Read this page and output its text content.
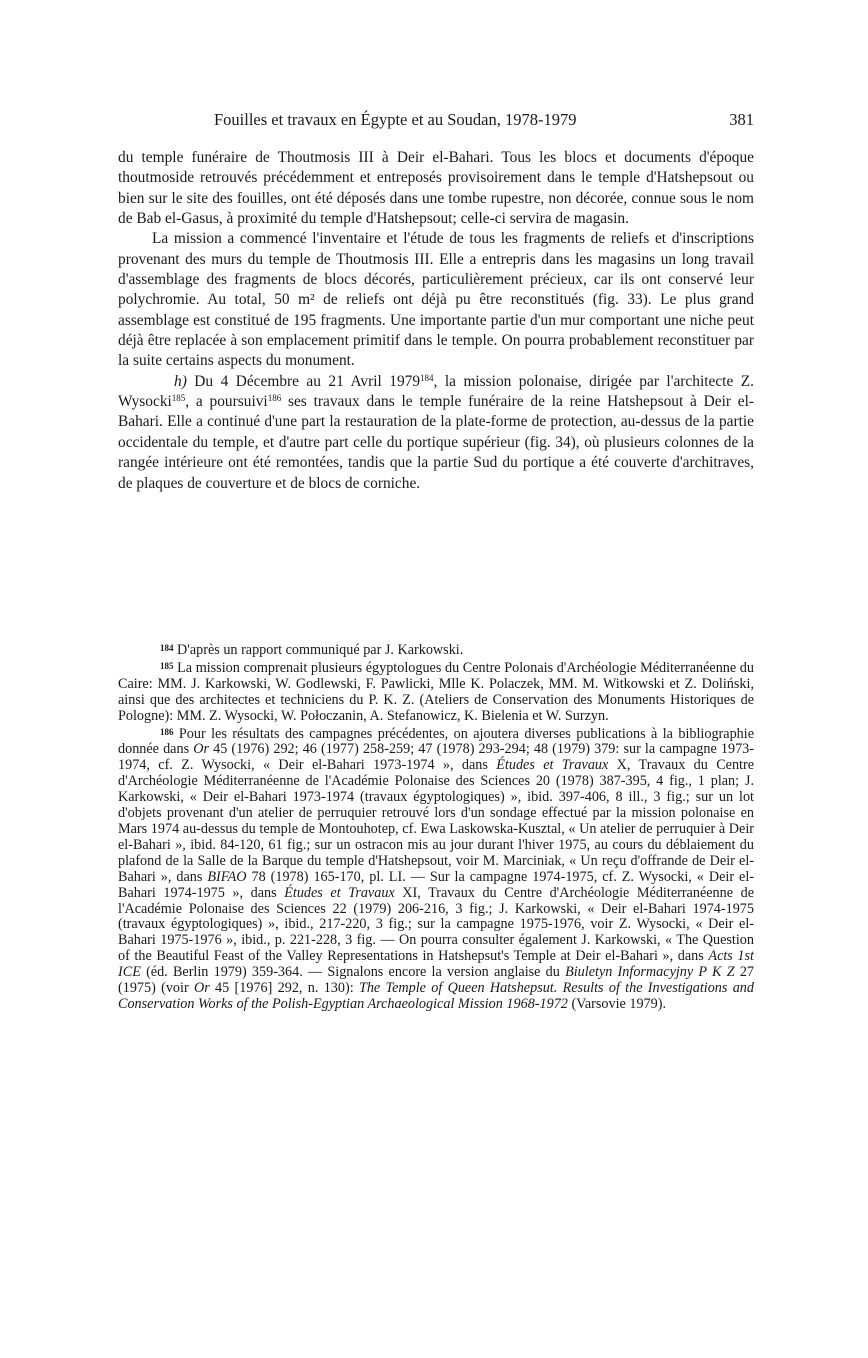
Fouilles et travaux en Égypte et au Soudan, 1978-1979	381

du temple funéraire de Thoutmosis III à Deir el-Bahari. Tous les blocs et documents d'époque thoutmoside retrouvés précédemment et entreposés provisoirement dans le temple d'Hatshepsout ou bien sur le site des fouilles, ont été déposés dans une tombe rupestre, non décorée, connue sous le nom de Bab el-Gasus, à proximité du temple d'Hatshepsout; celle-ci servira de magasin.

La mission a commencé l'inventaire et l'étude de tous les fragments de reliefs et d'inscriptions provenant des murs du temple de Thoutmosis III. Elle a entrepris dans les magasins un long travail d'assemblage des fragments de blocs décorés, particulièrement précieux, car ils ont conservé leur polychromie. Au total, 50 m² de reliefs ont déjà pu être reconstitués (fig. 33). Le plus grand assemblage est constitué de 195 fragments. Une importante partie d'un mur comportant une niche peut déjà être replacée à son emplacement primitif dans le temple. On pourra probablement reconstituer par la suite certains aspects du monument.

h) Du 4 Décembre au 21 Avril 1979$^{184}$, la mission polonaise, dirigée par l'architecte Z. Wysocki$^{185}$, a poursuivi$^{186}$ ses travaux dans le temple funéraire de la reine Hatshepsout à Deir el-Bahari. Elle a continué d'une part la restauration de la plate-forme de protection, au-dessus de la partie occidentale du temple, et d'autre part celle du portique supérieur (fig. 34), où plusieurs colonnes de la rangée intérieure ont été remontées, tandis que la partie Sud du portique a été couverte d'architraves, de plaques de couverture et de blocs de corniche.

$^{184}$ D'après un rapport communiqué par J. Karkowski.

$^{185}$ La mission comprenait plusieurs égyptologues du Centre Polonais d'Archéologie Méditerranéenne du Caire: MM. J. Karkowski, W. Godlewski, F. Pawlicki, Mlle K. Polaczek, MM. M. Witkowski et Z. Doliński, ainsi que des architectes et techniciens du P. K. Z. (Ateliers de Conservation des Monuments Historiques de Pologne): MM. Z. Wysocki, W. Połoczanin, A. Stefanowicz, K. Bielenia et W. Surzyn.

$^{186}$ Pour les résultats des campagnes précédentes, on ajoutera diverses publications à la bibliographie donnée dans Or 45 (1976) 292; 46 (1977) 258-259; 47 (1978) 293-294; 48 (1979) 379: sur la campagne 1973-1974, cf. Z. Wysocki, « Deir el-Bahari 1973-1974 », dans Études et Travaux X, Travaux du Centre d'Archéologie Méditerranéenne de l'Académie Polonaise des Sciences 20 (1978) 387-395, 4 fig., 1 plan; J. Karkowski, « Deir el-Bahari 1973-1974 (travaux égyptologiques) », ibid. 397-406, 8 ill., 3 fig.; sur un lot d'objets provenant d'un atelier de perruquier retrouvé lors d'un sondage effectué par la mission polonaise en Mars 1974 au-dessus du temple de Montouhotep, cf. Ewa Laskowska-Kusztal, « Un atelier de perruquier à Deir el-Bahari », ibid. 84-120, 61 fig.; sur un ostracon mis au jour durant l'hiver 1975, au cours du déblaiement du plafond de la Salle de la Barque du temple d'Hatshepsout, voir M. Marciniak, « Un reçu d'offrande de Deir el-Bahari », dans BIFAO 78 (1978) 165-170, pl. LI. — Sur la campagne 1974-1975, cf. Z. Wysocki, « Deir el-Bahari 1974-1975 », dans Études et Travaux XI, Travaux du Centre d'Archéologie Méditerranéenne de l'Académie Polonaise des Sciences 22 (1979) 206-216, 3 fig.; J. Karkowski, « Deir el-Bahari 1974-1975 (travaux égyptologiques) », ibid., 217-220, 3 fig.; sur la campagne 1975-1976, voir Z. Wysocki, « Deir el-Bahari 1975-1976 », ibid., p. 221-228, 3 fig. — On pourra consulter également J. Karkowski, « The Question of the Beautiful Feast of the Valley Representations in Hatshepsut's Temple at Deir el-Bahari », dans Acts 1st ICE (éd. Berlin 1979) 359-364. — Signalons encore la version anglaise du Biuletyn Informacyjny P K Z 27 (1975) (voir Or 45 [1976] 292, n. 130): The Temple of Queen Hatshepsut. Results of the Investigations and Conservation Works of the Polish-Egyptian Archaeological Mission 1968-1972 (Varsovie 1979).
